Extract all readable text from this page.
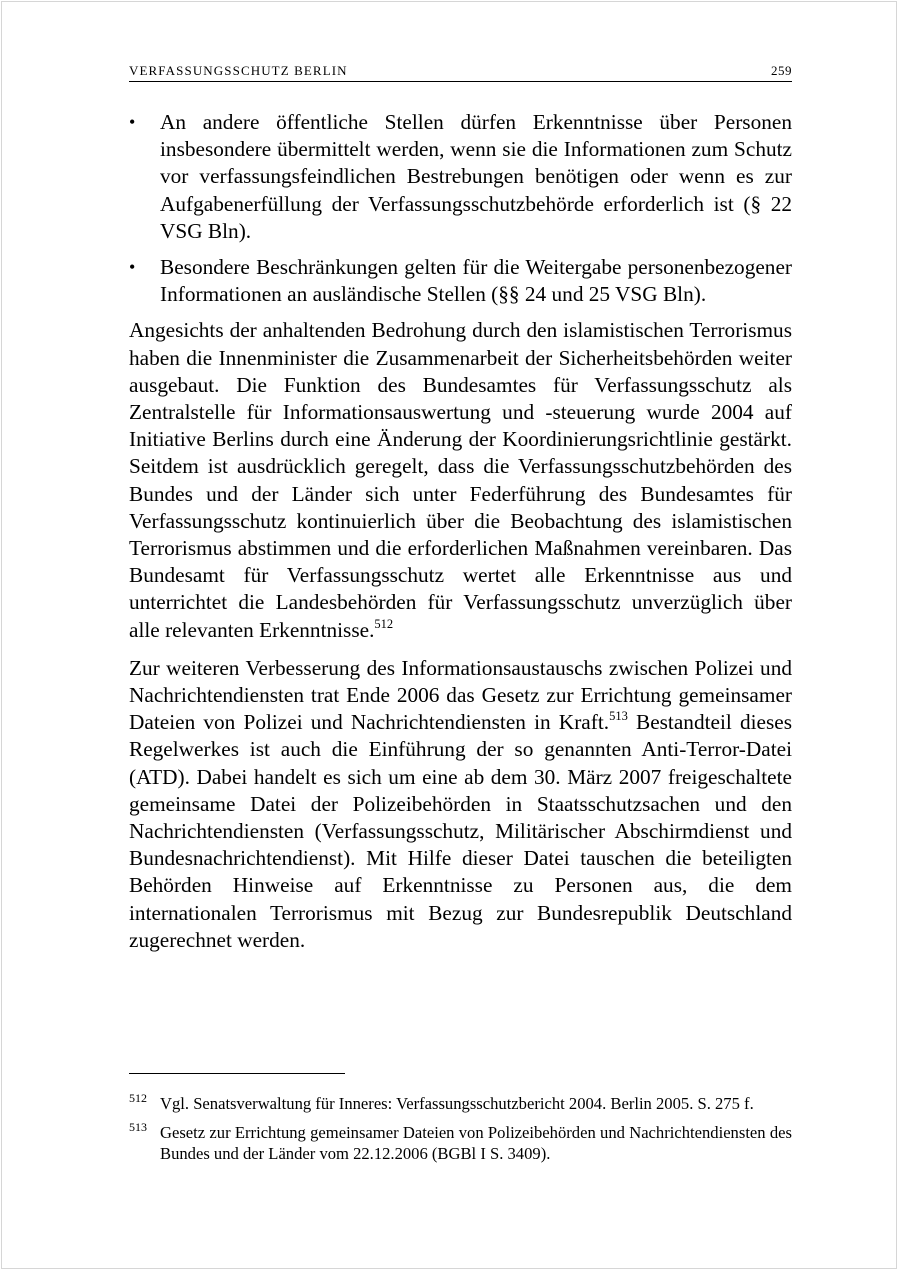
VERFASSUNGSSCHUTZ BERLIN	259
• An andere öffentliche Stellen dürfen Erkenntnisse über Personen insbesondere übermittelt werden, wenn sie die Informationen zum Schutz vor verfassungsfeindlichen Bestrebungen benötigen oder wenn es zur Aufgabenerfüllung der Verfassungsschutzbehörde erforderlich ist (§ 22 VSG Bln).
• Besondere Beschränkungen gelten für die Weitergabe personenbezogener Informationen an ausländische Stellen (§§ 24 und 25 VSG Bln).

Angesichts der anhaltenden Bedrohung durch den islamistischen Terrorismus haben die Innenminister die Zusammenarbeit der Sicherheitsbehörden weiter ausgebaut. Die Funktion des Bundesamtes für Verfassungsschutz als Zentralstelle für Informationsauswertung und -steuerung wurde 2004 auf Initiative Berlins durch eine Änderung der Koordinierungsrichtlinie gestärkt. Seitdem ist ausdrücklich geregelt, dass die Verfassungsschutzbehörden des Bundes und der Länder sich unter Federführung des Bundesamtes für Verfassungsschutz kontinuierlich über die Beobachtung des islamistischen Terrorismus abstimmen und die erforderlichen Maßnahmen vereinbaren. Das Bundesamt für Verfassungsschutz wertet alle Erkenntnisse aus und unterrichtet die Landesbehörden für Verfassungsschutz unverzüglich über alle relevanten Erkenntnisse.$^{512}$

Zur weiteren Verbesserung des Informationsaustauschs zwischen Polizei und Nachrichtendiensten trat Ende 2006 das Gesetz zur Errichtung gemeinsamer Dateien von Polizei und Nachrichtendiensten in Kraft.$^{513}$ Bestandteil dieses Regelwerkes ist auch die Einführung der so genannten Anti-Terror-Datei (ATD). Dabei handelt es sich um eine ab dem 30. März 2007 freigeschaltete gemeinsame Datei der Polizeibehörden in Staatsschutzsachen und den Nachrichtendiensten (Verfassungsschutz, Militärischer Abschirmdienst und Bundesnachrichtendienst). Mit Hilfe dieser Datei tauschen die beteiligten Behörden Hinweise auf Erkenntnisse zu Personen aus, die dem internationalen Terrorismus mit Bezug zur Bundesrepublik Deutschland zugerechnet werden.

512 Vgl. Senatsverwaltung für Inneres: Verfassungsschutzbericht 2004. Berlin 2005. S. 275 f.
513 Gesetz zur Errichtung gemeinsamer Dateien von Polizeibehörden und Nachrichtendiensten des Bundes und der Länder vom 22.12.2006 (BGBl I S. 3409).
